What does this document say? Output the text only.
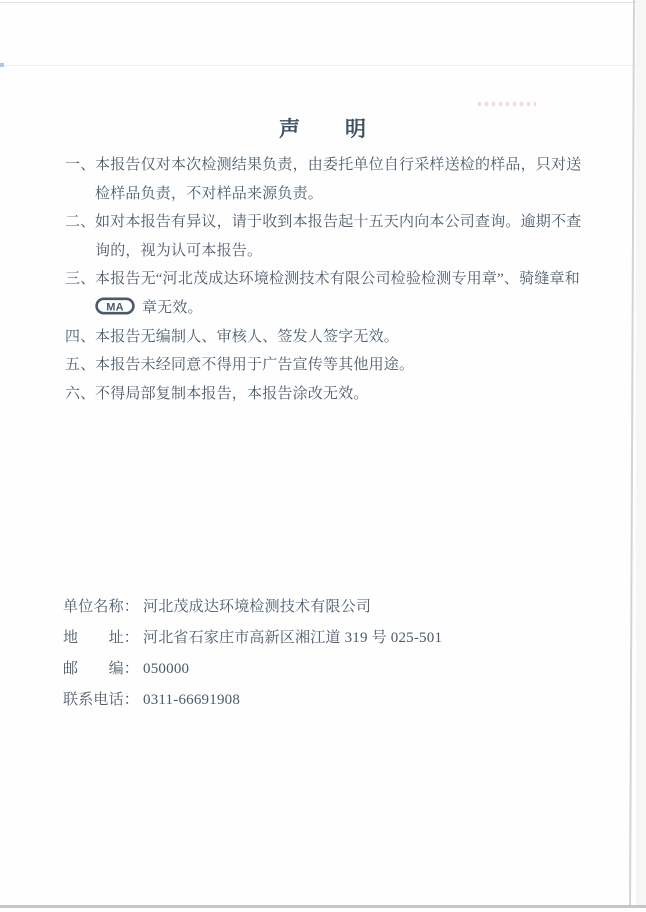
声　　明
一、 本报告仅对本次检测结果负责，由委托单位自行采样送检的样品，只对送检样品负责，不对样品来源负责。
二、 如对本报告有异议，请于收到本报告起十五天内向本公司查询。逾期不查询的，视为认可本报告。
三、 本报告无“河北茂成达环境检测技术有限公司检验检测专用章”、骑缝章和
MA 章无效。
四、 本报告无编制人、审核人、签发人签字无效。
五、 本报告未经同意不得用于广告宣传等其他用途。
六、 不得局部复制本报告，本报告涂改无效。
单位名称： 河北茂成达环境检测技术有限公司
地　　址： 河北省石家庄市高新区湘江道 319 号 025-501
邮　　编： 050000
联系电话： 0311-66691908
